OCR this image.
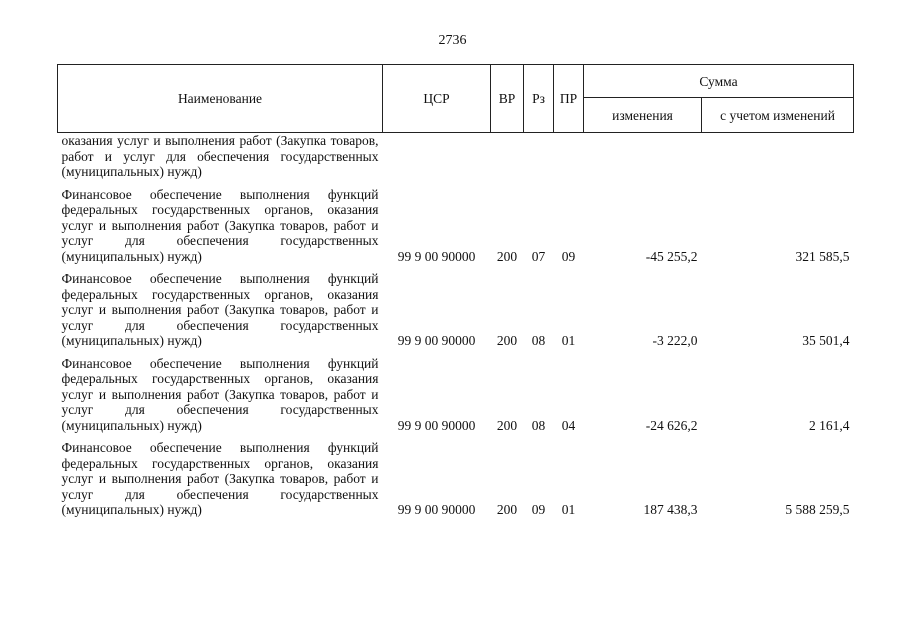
2736
Наименование	ЦСР	ВР	Рз	ПР	Сумма	
					изменения	с учетом изменений
оказания услуг и выполнения работ (Закупка товаров, работ и услуг для обеспечения государственных (муниципальных) нужд)						
Финансовое обеспечение выполнения функций федеральных государственных органов, оказания услуг и выполнения работ (Закупка товаров, работ и услуг для обеспечения государственных (муниципальных) нужд)	99 9 00 90000	200	07	09	-45 255,2	321 585,5
Финансовое обеспечение выполнения функций федеральных государственных органов, оказания услуг и выполнения работ (Закупка товаров, работ и услуг для обеспечения государственных (муниципальных) нужд)	99 9 00 90000	200	08	01	-3 222,0	35 501,4
Финансовое обеспечение выполнения функций федеральных государственных органов, оказания услуг и выполнения работ (Закупка товаров, работ и услуг для обеспечения государственных (муниципальных) нужд)	99 9 00 90000	200	08	04	-24 626,2	2 161,4
Финансовое обеспечение выполнения функций федеральных государственных органов, оказания услуг и выполнения работ (Закупка товаров, работ и услуг для обеспечения государственных (муниципальных) нужд)	99 9 00 90000	200	09	01	187 438,3	5 588 259,5
